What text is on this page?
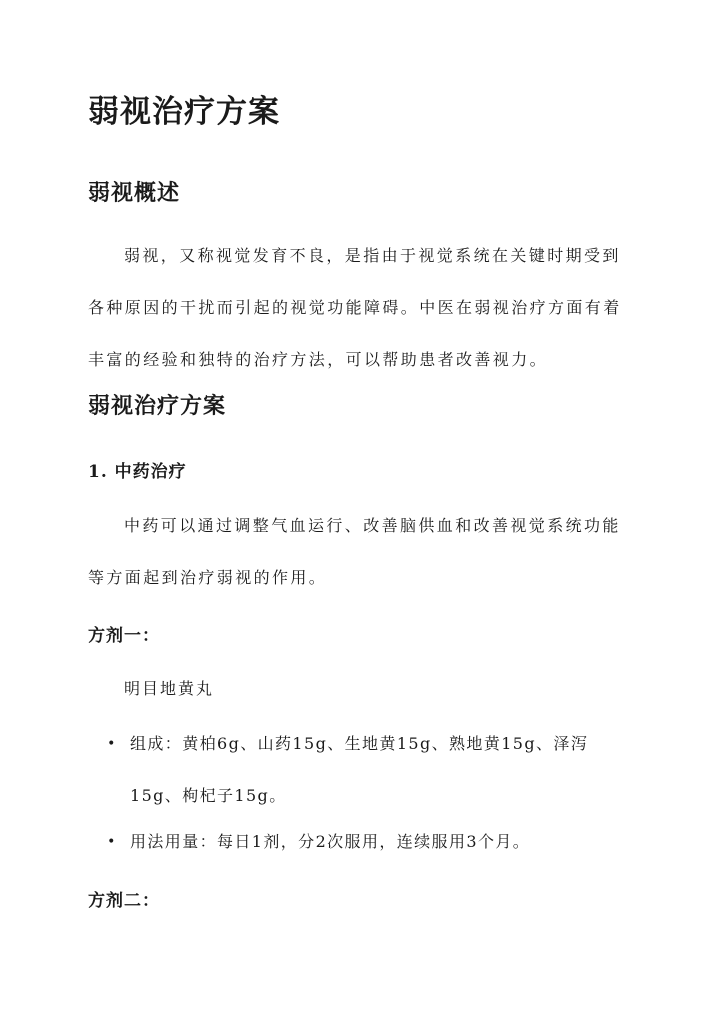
弱视治疗方案
弱视概述

弱视，又称视觉发育不良，是指由于视觉系统在关键时期受到各种原因的干扰而引起的视觉功能障碍。中医在弱视治疗方面有着丰富的经验和独特的治疗方法，可以帮助患者改善视力。

弱视治疗方案
1. 中药治疗

中药可以通过调整气血运行、改善脑供血和改善视觉系统功能等方面起到治疗弱视的作用。

方剂一：

明目地黄丸

• 组成：黄柏6g、山药15g、生地黄15g、熟地黄15g、泽泻15g、枸杞子15g。
• 用法用量：每日1剂，分2次服用，连续服用3个月。
方剂二：
